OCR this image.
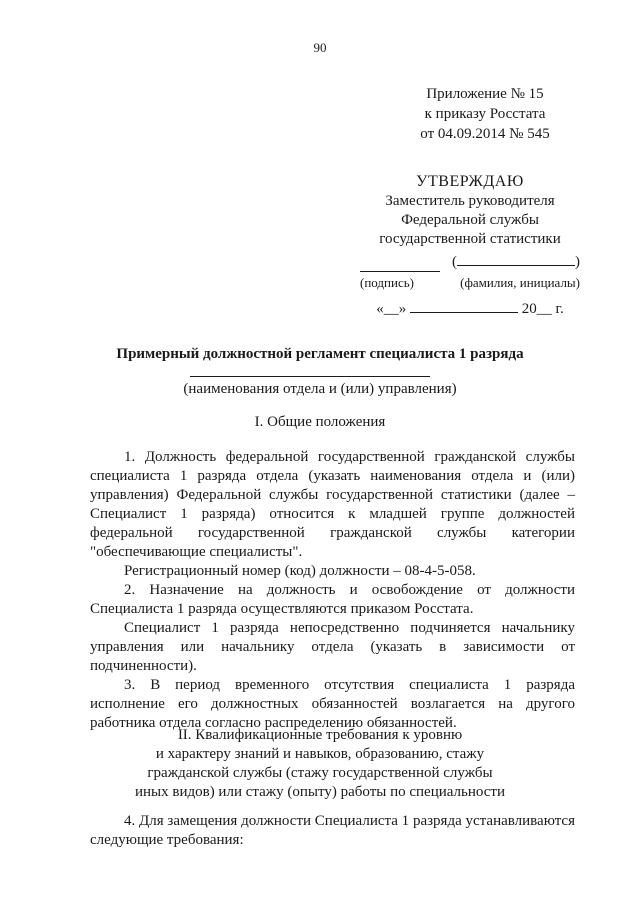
90
Приложение № 15
к приказу Росстата
от 04.09.2014 № 545
УТВЕРЖДАЮ
Заместитель руководителя
Федеральной службы
государственной статистики
(	)
(подпись)	(фамилия, инициалы)
«__»	20__ г.
Примерный должностной регламент специалиста 1 разряда
(наименования отдела и (или) управления)
I. Общие положения

1. Должность федеральной государственной гражданской службы специалиста 1 разряда отдела (указать наименования отдела и (или) управления) Федеральной службы государственной статистики (далее – Специалист 1 разряда) относится к младшей группе должностей федеральной государственной гражданской службы категории "обеспечивающие специалисты".

Регистрационный номер (код) должности – 08-4-5-058.

2. Назначение на должность и освобождение от должности Специалиста 1 разряда осуществляются приказом Росстата.

Специалист 1 разряда непосредственно подчиняется начальнику управления или начальнику отдела (указать в зависимости от подчиненности).

3. В период временного отсутствия специалиста 1 разряда исполнение его должностных обязанностей возлагается на другого работника отдела согласно распределению обязанностей.

II. Квалификационные требования к уровню
и характеру знаний и навыков, образованию, стажу
гражданской службы (стажу государственной службы
иных видов) или стажу (опыту) работы по специальности

4. Для замещения должности Специалиста 1 разряда устанавливаются следующие требования:
